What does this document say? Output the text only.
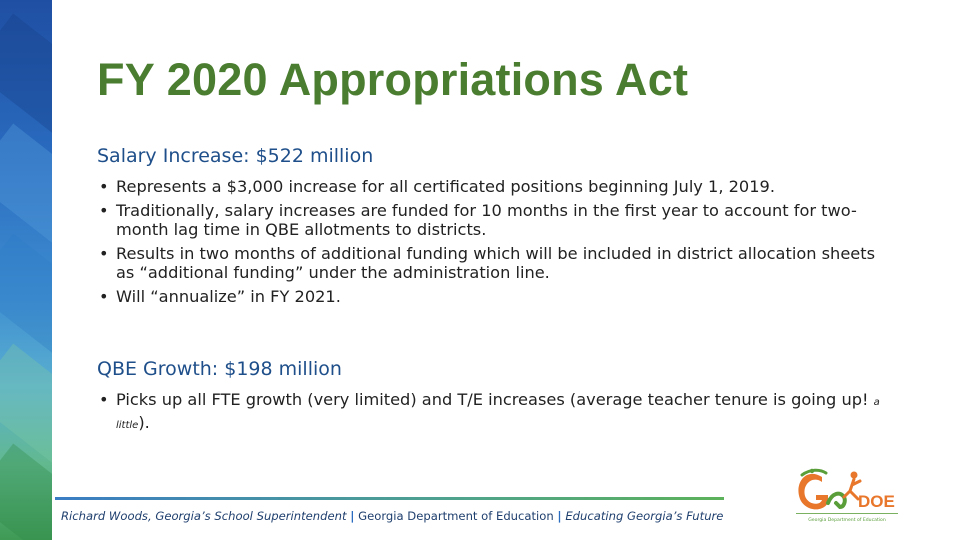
FY 2020 Appropriations Act
Salary Increase: $522 million
• Represents a $3,000 increase for all certificated positions beginning July 1, 2019.
• Traditionally, salary increases are funded for 10 months in the first year to account for two-month lag time in QBE allotments to districts.
• Results in two months of additional funding which will be included in district allocation sheets as “additional funding” under the administration line.
• Will “annualize” in FY 2021.
QBE Growth: $198 million
• Picks up all FTE growth (very limited) and T/E increases (average teacher tenure is going up! a little).
Richard Woods, Georgia’s School Superintendent | Georgia Department of Education | Educating Georgia’s Future
DOE
Georgia Department of Education
